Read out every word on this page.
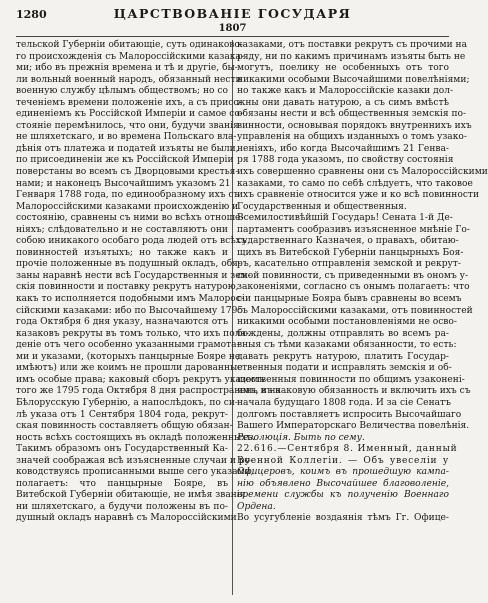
1280	ЦАРСТВОВАНІЕ ГОСУДАРЯ
1807
тельской Губерніи обитающіе, суть одинаково-
го происхожденія съ Малороссійскими казака-
ми; ибо въ прежнія времена и тѣ и другіе, бы-
ли вольный военный народъ, обязанный нести
военную службу цѣлымъ обществомъ; но со
теченіемъ времени положеніе ихъ, а съ присо-
единеніемъ къ Россійской Имперіи и самое со-
стояніе перемѣнилось, что они, будучи званія
не шляхетскаго, и во времена Польскаго вла-
дѣнія отъ платежа и податей изъяты не были,
по присоединеніи же къ Россійской Имперіи
поверстаны во всемъ съ Дворцовыми крестья-
нами; и наконецъ Высочайшимъ указомъ 21
Генваря 1788 года, по единообразному ихъ съ
Малороссійскими казаками происхожденію и
состоянію, сравнены съ ними во всѣхъ отноше-
ніяхъ; слѣдовательно и не составляютъ они
собою иникакого особаго рода людей отъ всѣхъ
повинностей изъятыхъ; но также какъ и
прочіе положенные въ подушный окладъ, обя-
заны наравнѣ нести всѣ Государственныя и зем-
скія повинности и поставку рекрутъ натурою,
какъ то исполняется подобными имъ Малорос-
сійскими казаками: ибо по Высочайшему 1795
года Октября 6 дня указу, назначаются отъ
казаковъ рекруты въ томъ только, что ихъ пола-
деніе отъ чего особенно указанными грамота-
ми и указами, (которыхъ панцырные Бояре не
имѣютъ) или же коимъ не прошли дарованные
имъ особые права; каковый сборъ рекрутъ указомъ
того же 1795 года Октября 8 дня распространенъ и на
Бѣлорусскую Губернію, а напослѣдокъ, по си-
лѣ указа отъ 1 Сентября 1804 года, рекрут-
ская повинность составляетъ общую обязан-
ность всѣхъ состоящихъ въ окладѣ положенныхъ.
Такимъ образомъ онъ Государственный Ка-
значей соображая всѣ изъясненные случаи и ру-
ководствуясь прописанными выше сего указами,
полагаетъ: что панцырные Бояре, въ
Витебской Губерніи обитающіе, не имѣя званія
ни шляхетскаго, а будучи положены въ по-
душный окладъ наравнѣ съ Малороссійскими
казаками, отъ поставки рекрутъ съ прочими на
ряду, ни по какимъ причинамъ изъяты быть не
могутъ, поелику не особенныхъ отъ того
никакими особыми Высочайшими повелѣніями;
но также какъ и Малороссійскіе казаки дол-
жны они давать натурою, а съ симъ вмѣстѣ
обязаны нести и всѣ общественныя земскія по-
винности, основывая порядокъ внутреннихъ ихъ
управленія на общихъ изданныхъ о томъ узако-
неніяхъ, ибо когда Высочайшимъ 21 Генва-
ря 1788 года указомъ, по свойству состоянія
ихъ совершенно сравнены они съ Малороссійскими
казаками, то само по себѣ слѣдуетъ, что таковое
ихъ сравненіе относится уже и ко всѣ повинности
Государственныя и общественныя.
Всемилостивѣйшій Государь! Сената 1-й Де-
партаментъ сообразивъ изъясненное мнѣніе Го-
сударственнаго Казначея, о правахъ, обитаю-
щихъ въ Витебской Губерніи панцырныхъ Боя-
ръ, касательно отправленія земской и рекрут-
ской повинности, съ приведенными въ ономъ у-
законеніями, согласно съ онымъ полагаетъ: что
сіи панцырные Бояра бывъ сравнены во всемъ
съ Малороссійскими казаками, отъ повинностей
никакими особыми постановленіями не осво-
бождены, должны отправлять во всемъ ра-
вныя съ тѣми казаками обязанности, то есть:
давать рекрутъ натурою, платить Государ-
ственныя подати и исправлять земскія и об-
щественныя повинности по общимъ узаконені-
ямъ, въ каковую обязанность и включить ихъ съ
начала будущаго 1808 года. И за сіе Сенатъ
долгомъ поставляетъ испросить Высочайшаго
Вашего Императорскаго Величества повелѣнія.
Резолюція. Быть по сему.
22.616.—Сентября 8. Именный, данный
Военной Коллегіи. — Объ увеселіи у
Офицеровъ, коимъ въ прошедшую кампа-
нію объявлено Высочайшее благоволеніе,
времени службы къ полученію Военнаго
Ордена.
Во усугубленіе воздаянія тѣмъ Гг. Офице-
